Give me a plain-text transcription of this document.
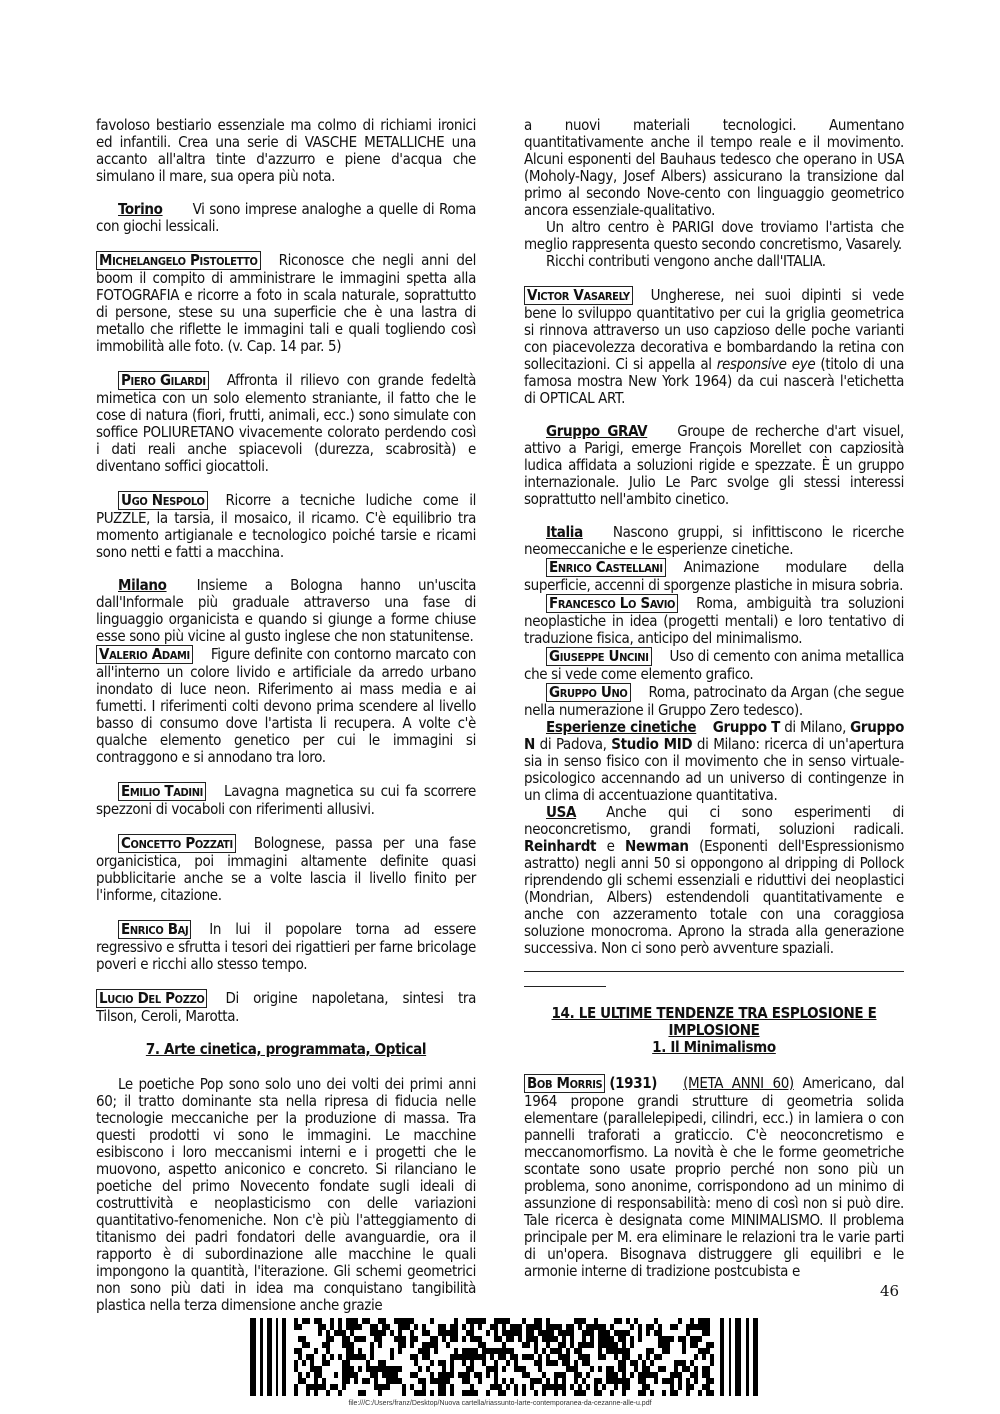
favoloso bestiario essenziale ma colmo di richiami ironici ed infantili. Crea una serie di VASCHE METALLICHE una accanto all'altra tinte d'azzurro e piene d'acqua che simulano il mare, sua opera più nota.

Torino Vi sono imprese analoghe a quelle di Roma con giochi lessicali.

Michelangelo Pistoletto Riconosce che negli anni del boom il compito di amministrare le immagini spetta alla FOTOGRAFIA e ricorre a foto in scala naturale, soprattutto di persone, stese su una superficie che è una lastra di metallo che riflette le immagini tali e quali togliendo così immobilità alle foto. (v. Cap. 14 par. 5)

Piero Gilardi Affronta il rilievo con grande fedeltà mimetica con un solo elemento straniante, il fatto che le cose di natura (fiori, frutti, animali, ecc.) sono simulate con soffice POLIURETANO vivacemente colorato perdendo così i dati reali anche spiacevoli (durezza, scabrosità) e diventano soffici giocattoli.

Ugo Nespolo Ricorre a tecniche ludiche come il PUZZLE, la tarsia, il mosaico, il ricamo. C'è equilibrio tra momento artigianale e tecnologico poiché tarsie e ricami sono netti e fatti a macchina.

Milano Insieme a Bologna hanno un'uscita dall'Informale più graduale attraverso una fase di linguaggio organicista e quando si giunge a forme chiuse esse sono più vicine al gusto inglese che non statunitense.

Valerio Adami Figure definite con contorno marcato con all'interno un colore livido e artificiale da arredo urbano inondato di luce neon. Riferimento ai mass media e ai fumetti. I riferimenti colti devono prima scendere al livello basso di consumo dove l'artista li recupera. A volte c'è qualche elemento genetico per cui le immagini si contraggono e si annodano tra loro.

Emilio Tadini Lavagna magnetica su cui fa scorrere spezzoni di vocaboli con riferimenti allusivi.

Concetto Pozzati Bolognese, passa per una fase organicistica, poi immagini altamente definite quasi pubblicitarie anche se a volte lascia il livello finito per l'informe, citazione.

Enrico Baj In lui il popolare torna ad essere regressivo e sfrutta i tesori dei rigattieri per farne bricolage poveri e ricchi allo stesso tempo.

Lucio Del Pozzo Di origine napoletana, sintesi tra Tilson, Ceroli, Marotta.

7. Arte cinetica, programmata, Optical

Le poetiche Pop sono solo uno dei volti dei primi anni 60; il tratto dominante sta nella ripresa di fiducia nelle tecnologie meccaniche per la produzione di massa. Tra questi prodotti vi sono le immagini. Le macchine esibiscono i loro meccanismi interni e i progetti che le muovono, aspetto aniconico e concreto. Si rilanciano le poetiche del primo Novecento fondate sugli ideali di costruttività e neoplasticismo con delle variazioni quantitativo-fenomeniche. Non c'è più l'atteggiamento di titanismo dei padri fondatori delle avanguardie, ora il rapporto è di subordinazione alle macchine le quali impongono la quantità, l'iterazione. Gli schemi geometrici non sono più dati in idea ma conquistano tangibilità plastica nella terza dimensione anche grazie

a nuovi materiali tecnologici. Aumentano quantitativamente anche il tempo reale e il movimento. Alcuni esponenti del Bauhaus tedesco che operano in USA (Moholy-Nagy, Josef Albers) assicurano la transizione dal primo al secondo Nove-cento con linguaggio geometrico ancora essenziale-qualitativo.

Un altro centro è PARIGI dove troviamo l'artista che meglio rappresenta questo secondo concretismo, Vasarely.

Ricchi contributi vengono anche dall'ITALIA.

Victor Vasarely Ungherese, nei suoi dipinti si vede bene lo sviluppo quantitativo per cui la griglia geometrica si rinnova attraverso un uso capzioso delle poche varianti con piacevolezza decorativa e bombardando la retina con sollecitazioni. Ci si appella al responsive eye (titolo di una famosa mostra New York 1964) da cui nascerà l'etichetta di OPTICAL ART.

Gruppo GRAV Groupe de recherche d'art visuel, attivo a Parigi, emerge François Morellet con capziosità ludica affidata a soluzioni rigide e spezzate. È un gruppo internazionale. Julio Le Parc svolge gli stessi interessi soprattutto nell'ambito cinetico.

Italia Nascono gruppi, si infittiscono le ricerche neomeccaniche e le esperienze cinetiche.

Enrico Castellani Animazione modulare della superficie, accenni di sporgenze plastiche in misura sobria.

Francesco Lo Savio Roma, ambiguità tra soluzioni neoplastiche in idea (progetti mentali) e loro tentativo di traduzione fisica, anticipo del minimalismo.

Giuseppe Uncini Uso di cemento con anima metallica che si vede come elemento grafico.

Gruppo Uno Roma, patrocinato da Argan (che segue nella numerazione il Gruppo Zero tedesco).

Esperienze cinetiche Gruppo T di Milano, Gruppo N di Padova, Studio MID di Milano: ricerca di un'apertura sia in senso fisico con il movimento che in senso virtuale-psicologico accennando ad un universo di contingenze in un clima di accentuazione quantitativa.

USA Anche qui ci sono esperimenti di neoconcretismo, grandi formati, soluzioni radicali. Reinhardt e Newman (Esponenti dell'Espressionismo astratto) negli anni 50 si oppongono al dripping di Pollock riprendendo gli schemi essenziali e riduttivi dei neoplastici (Mondrian, Albers) estendendoli quantitativamente e anche con azzeramento totale con una coraggiosa soluzione monocroma. Aprono la strada alla generazione successiva. Non ci sono però avventure spaziali.

14. LE ULTIME TENDENZE TRA ESPLOSIONE E IMPLOSIONE

1. Il Minimalismo

Bob Morris (1931) (META ANNI 60) Americano, dal 1964 propone grandi strutture di geometria solida elementare (parallelepipedi, cilindri, ecc.) in lamiera o con pannelli traforati a graticcio. C'è neoconcretismo e meccanomorfismo. La novità è che le forme geometriche scontate sono usate proprio perché non sono più un problema, sono anonime, corrispondono ad un minimo di assunzione di responsabilità: meno di così non si può dire. Tale ricerca è designata come MINIMALISMO. Il problema principale per M. era eliminare le relazioni tra le varie parti di un'opera. Bisognava distruggere gli equilibri e le armonie interne di tradizione postcubista e

46
file:///C:/Users/franz/Desktop/Nuova cartella/riassunto-larte-contemporanea-da-cezanne-alle-u.pdf
